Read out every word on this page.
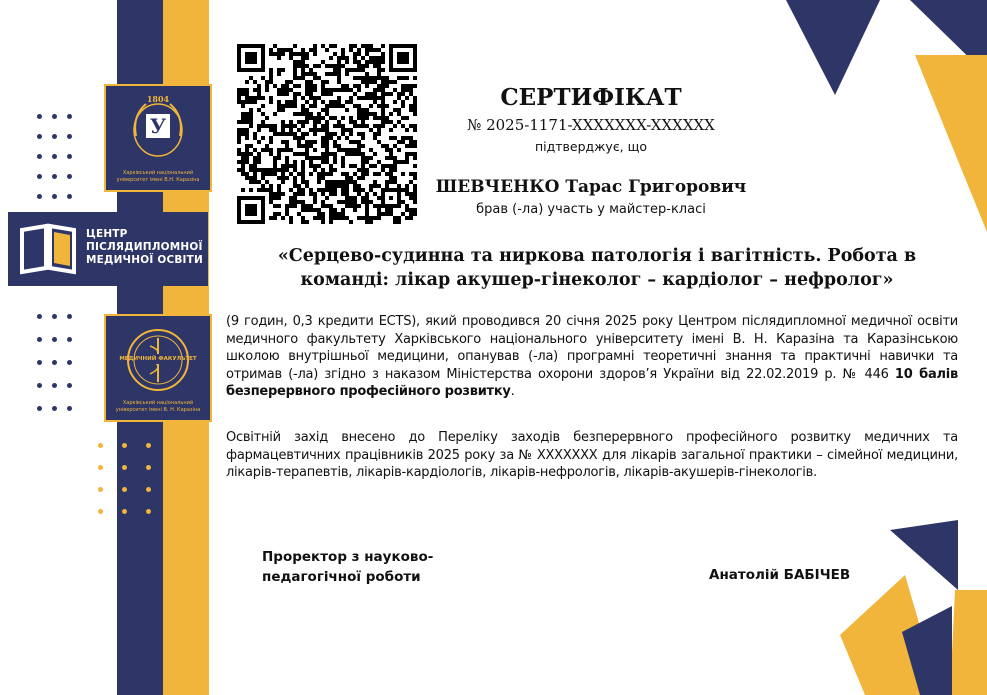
У
1804
Харківський національний університет імені В.Н. Каразіна
ЦЕНТР
ПІСЛЯДИПЛОМНОЇ
МЕДИЧНОЇ ОСВІТИ
МЕДИЧНИЙ ФАКУЛЬТЕТ
Харківський національний університет імені В. Н. Каразіна
СЕРТИФІКАТ
№ 2025-1171-XXXXXXX-XXXXXX
підтверджує, що
ШЕВЧЕНКО Тарас Григорович
брав (-ла) участь у майстер-класі
«Серцево-судинна та ниркова патологія і вагітність. Робота в
команді: лікар акушер-гінеколог – кардіолог – нефролог»
(9 годин, 0,3 кредити ECTS), який проводився 20 січня 2025 року Центром післядипломної медичної освіти медичного факультету Харківського національного університету імені В. Н. Каразіна та Каразінською школою внутрішньої медицини, опанував (-ла) програмні теоретичні знання та практичні навички та отримав (-ла) згідно з наказом Міністерства охорони здоров’я України від 22.02.2019 р. № 446 10 балів безперервного професійного розвитку.
Освітній захід внесено до Переліку заходів безперервного професійного розвитку медичних та фармацевтичних працівників 2025 року за № XXXXXXX для лікарів загальної практики – сімейної медицини, лікарів-терапевтів, лікарів-кардіологів, лікарів-нефрологів, лікарів-акушерів-гінекологів.
Проректор з науково-
педагогічної роботи	Анатолій БАБІЧЕВ
